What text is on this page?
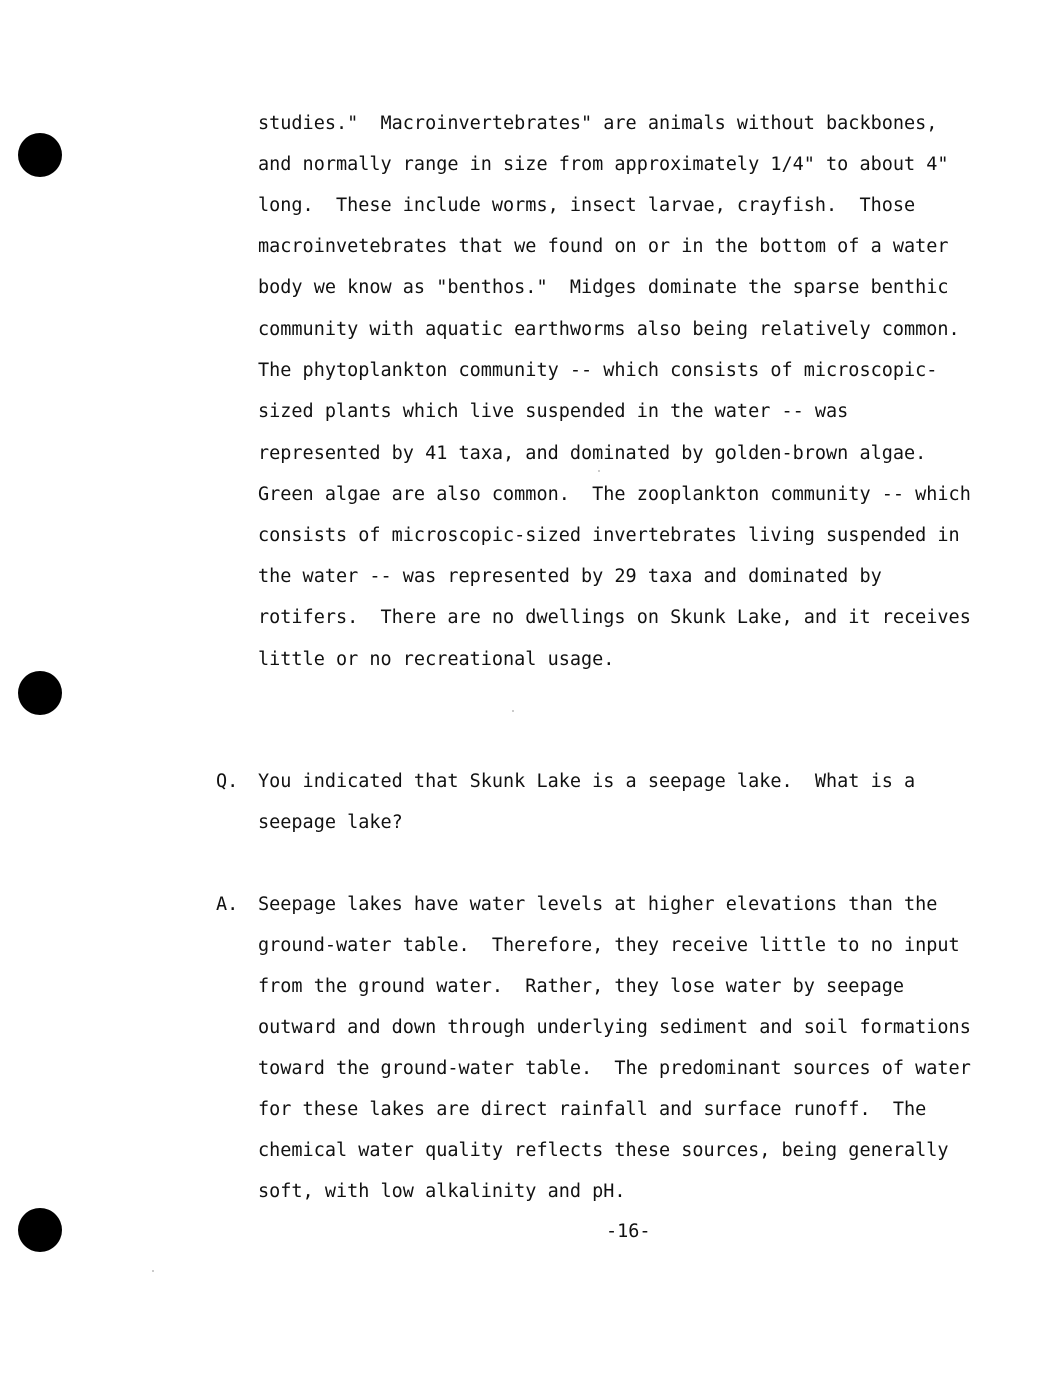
studies."  Macroinvertebrates" are animals without backbones,
and normally range in size from approximately 1/4" to about 4"
long.  These include worms, insect larvae, crayfish.  Those
macroinvetebrates that we found on or in the bottom of a water
body we know as "benthos."  Midges dominate the sparse benthic
community with aquatic earthworms also being relatively common.
The phytoplankton community -- which consists of microscopic-
sized plants which live suspended in the water -- was
represented by 41 taxa, and dominated by golden-brown algae.
Green algae are also common.  The zooplankton community -- which
consists of microscopic-sized invertebrates living suspended in
the water -- was represented by 29 taxa and dominated by
rotifers.  There are no dwellings on Skunk Lake, and it receives
little or no recreational usage.
Q. You indicated that Skunk Lake is a seepage lake.  What is a
seepage lake?
A. Seepage lakes have water levels at higher elevations than the
ground-water table.  Therefore, they receive little to no input
from the ground water.  Rather, they lose water by seepage
outward and down through underlying sediment and soil formations
toward the ground-water table.  The predominant sources of water
for these lakes are direct rainfall and surface runoff.  The
chemical water quality reflects these sources, being generally
soft, with low alkalinity and pH.
-16-
